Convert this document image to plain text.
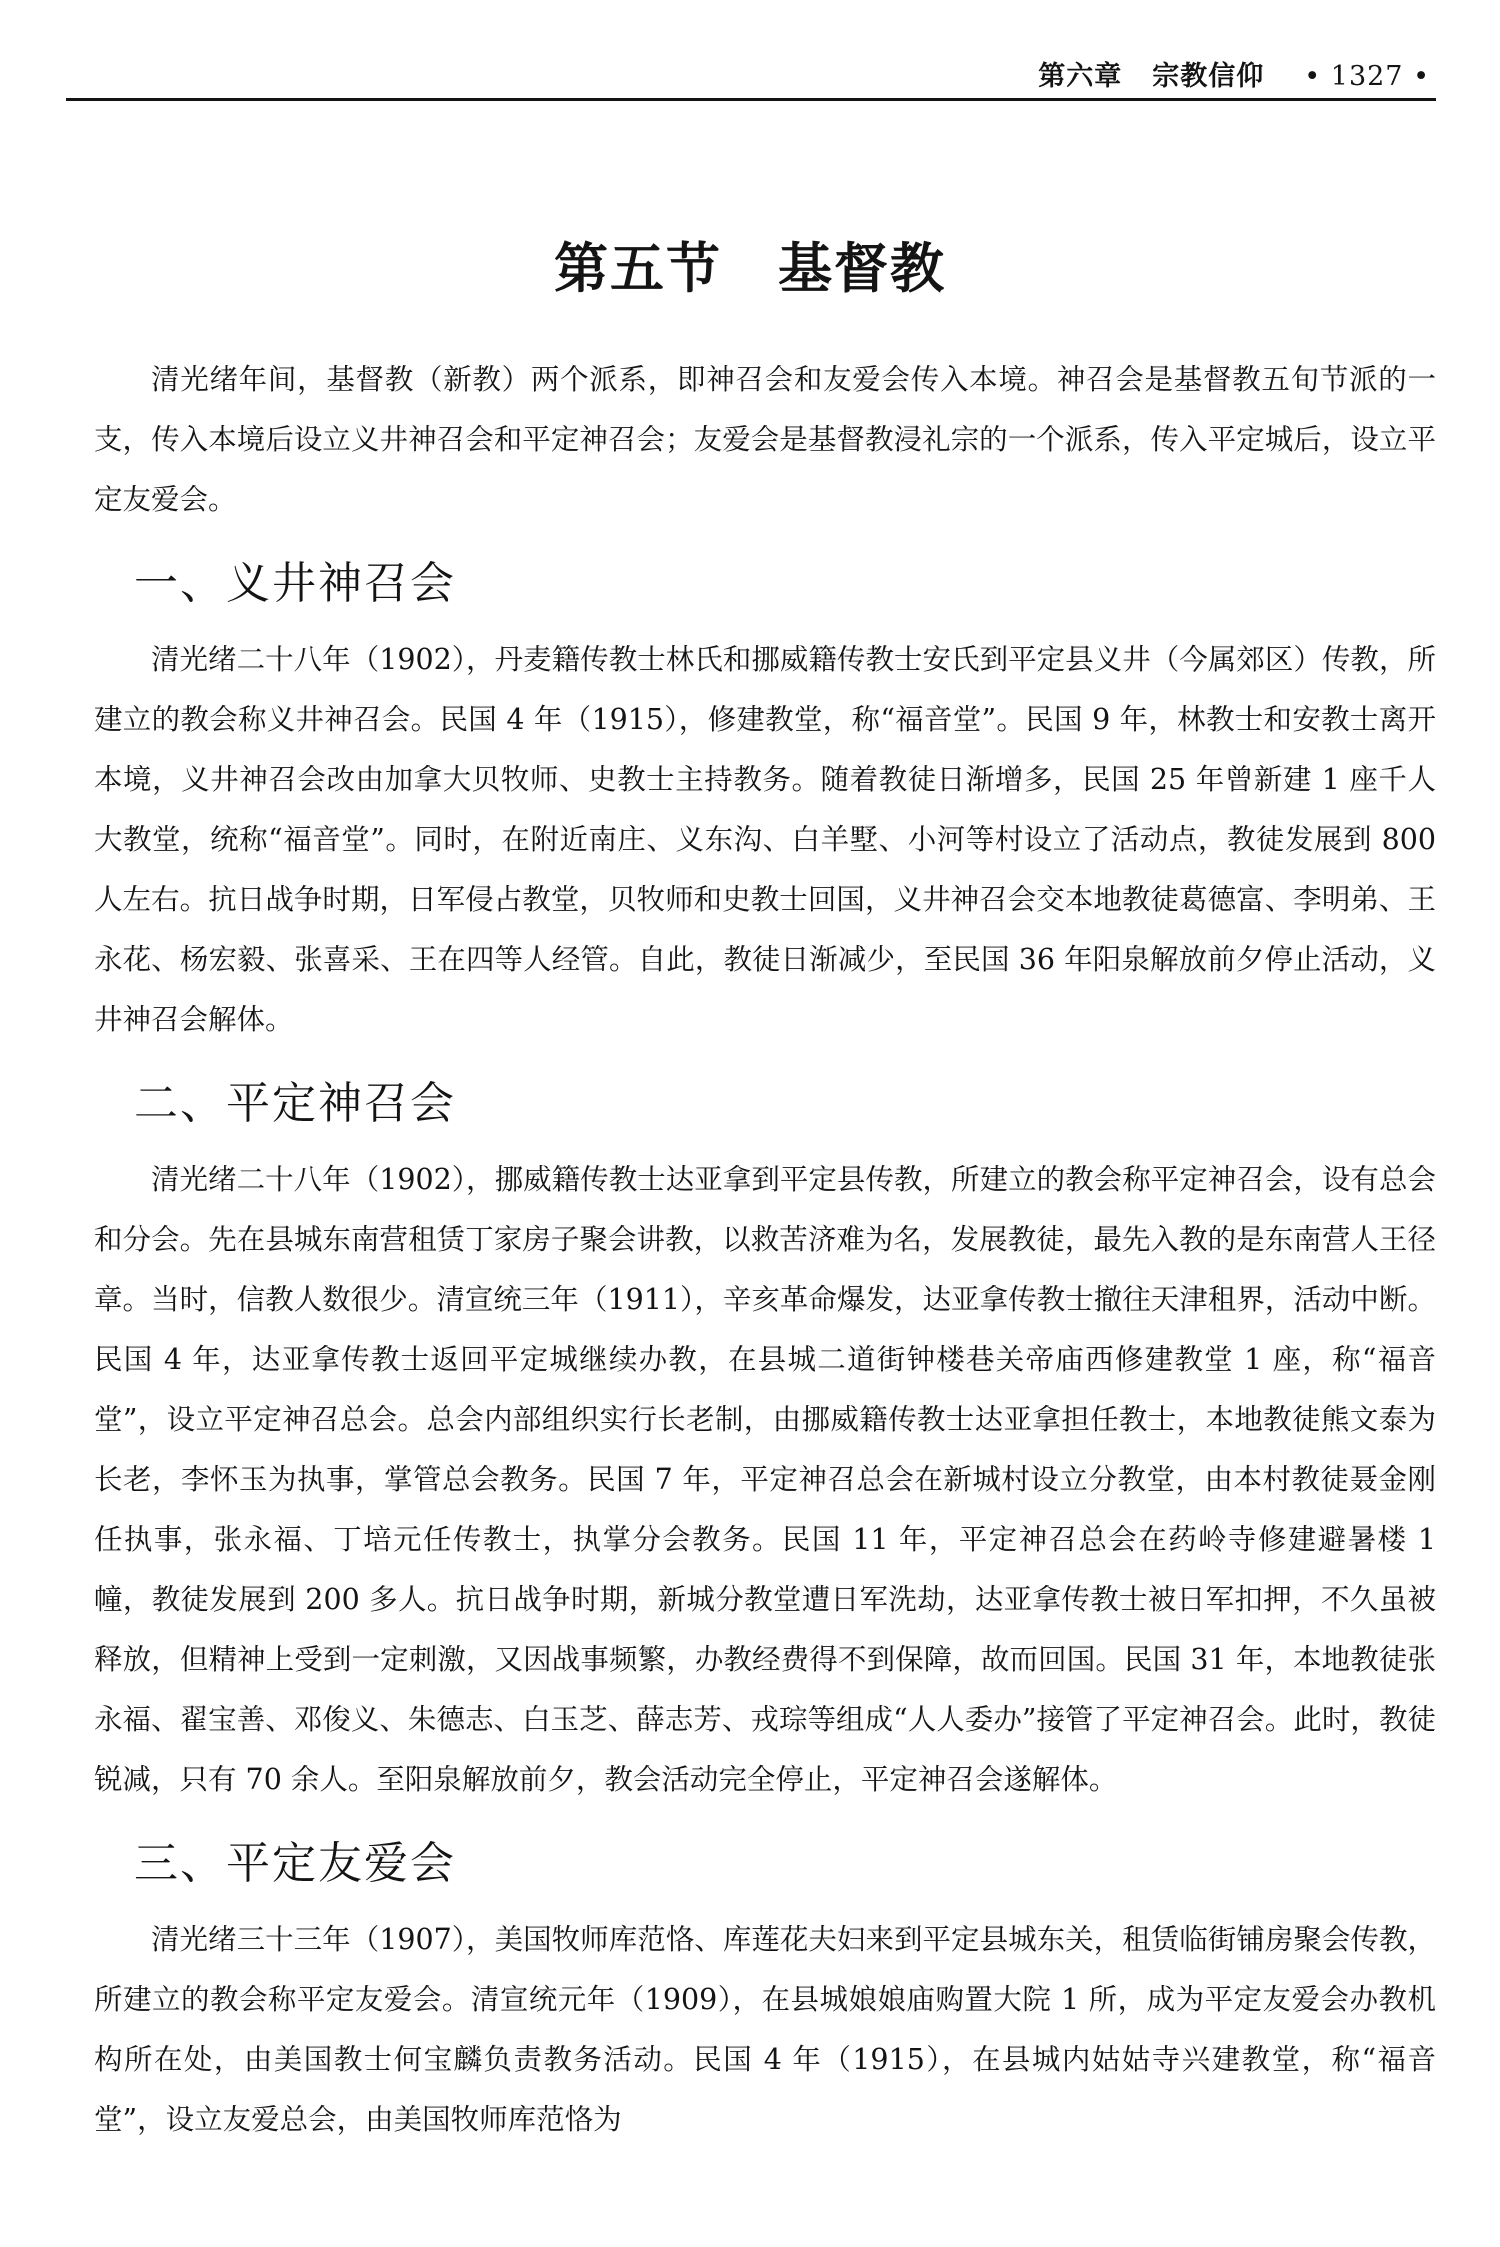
第六章 宗教信仰 • 1327 •
第五节　基督教

清光绪年间，基督教（新教）两个派系，即神召会和友爱会传入本境。神召会是基督教五旬节派的一支，传入本境后设立义井神召会和平定神召会；友爱会是基督教浸礼宗的一个派系，传入平定城后，设立平定友爱会。

一、义井神召会

清光绪二十八年（1902），丹麦籍传教士林氏和挪威籍传教士安氏到平定县义井（今属郊区）传教，所建立的教会称义井神召会。民国 4 年（1915），修建教堂，称“福音堂”。民国 9 年，林教士和安教士离开本境，义井神召会改由加拿大贝牧师、史教士主持教务。随着教徒日渐增多，民国 25 年曾新建 1 座千人大教堂，统称“福音堂”。同时，在附近南庄、义东沟、白羊墅、小河等村设立了活动点，教徒发展到 800 人左右。抗日战争时期，日军侵占教堂，贝牧师和史教士回国，义井神召会交本地教徒葛德富、李明弟、王永花、杨宏毅、张喜采、王在四等人经管。自此，教徒日渐减少，至民国 36 年阳泉解放前夕停止活动，义井神召会解体。

二、平定神召会

清光绪二十八年（1902），挪威籍传教士达亚拿到平定县传教，所建立的教会称平定神召会，设有总会和分会。先在县城东南营租赁丁家房子聚会讲教，以救苦济难为名，发展教徒，最先入教的是东南营人王径章。当时，信教人数很少。清宣统三年（1911），辛亥革命爆发，达亚拿传教士撤往天津租界，活动中断。民国 4 年，达亚拿传教士返回平定城继续办教，在县城二道街钟楼巷关帝庙西修建教堂 1 座，称“福音堂”，设立平定神召总会。总会内部组织实行长老制，由挪威籍传教士达亚拿担任教士，本地教徒熊文泰为长老，李怀玉为执事，掌管总会教务。民国 7 年，平定神召总会在新城村设立分教堂，由本村教徒聂金刚任执事，张永福、丁培元任传教士，执掌分会教务。民国 11 年，平定神召总会在药岭寺修建避暑楼 1 幢，教徒发展到 200 多人。抗日战争时期，新城分教堂遭日军洗劫，达亚拿传教士被日军扣押，不久虽被释放，但精神上受到一定刺激，又因战事频繁，办教经费得不到保障，故而回国。民国 31 年，本地教徒张永福、翟宝善、邓俊义、朱德志、白玉芝、薛志芳、戎琮等组成“人人委办”接管了平定神召会。此时，教徒锐减，只有 70 余人。至阳泉解放前夕，教会活动完全停止，平定神召会遂解体。

三、平定友爱会

清光绪三十三年（1907），美国牧师库范恪、库莲花夫妇来到平定县城东关，租赁临街铺房聚会传教，所建立的教会称平定友爱会。清宣统元年（1909），在县城娘娘庙购置大院 1 所，成为平定友爱会办教机构所在处，由美国教士何宝麟负责教务活动。民国 4 年（1915），在县城内姑姑寺兴建教堂，称“福音堂”，设立友爱总会，由美国牧师库范恪为
